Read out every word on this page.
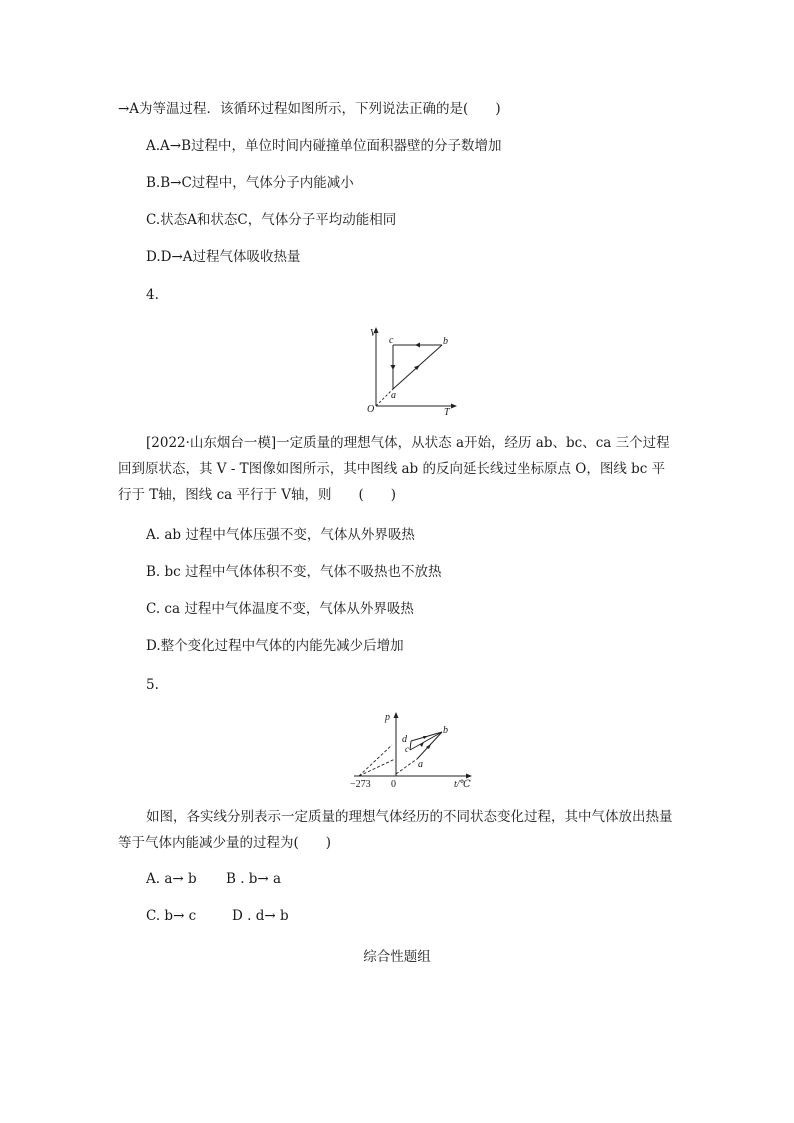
→A为等温过程．该循环过程如图所示，下列说法正确的是(　　)
A.A→B过程中，单位时间内碰撞单位面积器壁的分子数增加
B.B→C过程中，气体分子内能减小
C.状态A和状态C，气体分子平均动能相同
D.D→A过程气体吸收热量
4.
V
T
O
a
b
c
[2022·山东烟台一模]一定质量的理想气体，从状态 a开始，经历 ab、bc、ca 三个过程回到原状态，其 V - T图像如图所示，其中图线 ab 的反向延长线过坐标原点 O，图线 bc 平行于 T轴，图线 ca 平行于 V轴，则　　(　　)
A. ab 过程中气体压强不变，气体从外界吸热
B. bc 过程中气体体积不变，气体不吸热也不放热
C. ca 过程中气体温度不变，气体从外界吸热
D.整个变化过程中气体的内能先减少后增加
5.
p
t/℃
0
−273
a
b
c
d
如图，各实线分别表示一定质量的理想气体经历的不同状态变化过程，其中气体放出热量等于气体内能减少量的过程为(　　)
A. a→ b B . b→ a
C. b→ c	D . d→ b
综合性题组
